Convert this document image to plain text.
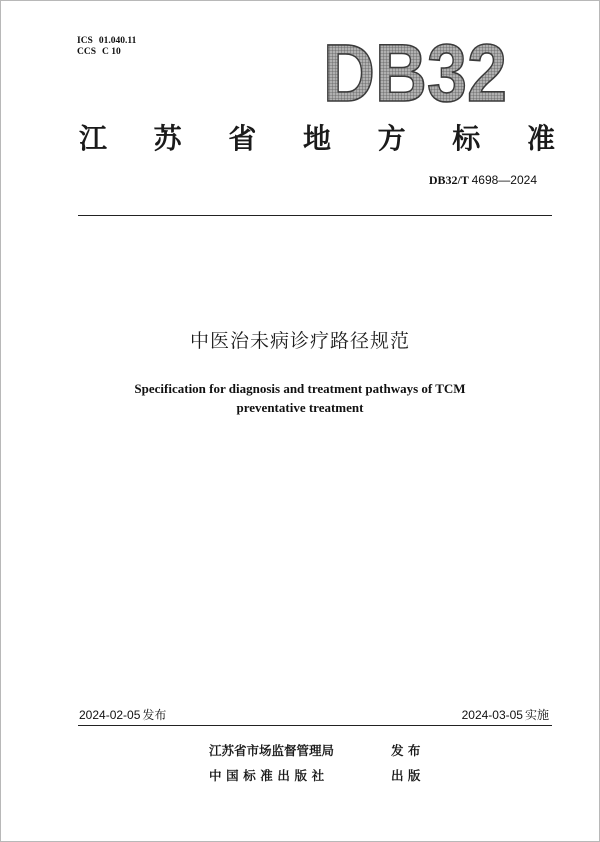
ICS 01.040.11
CCS C 10 DB32
江 苏 省 地 方 标 准
DB32/T 4698—2024
中医治未病诊疗路径规范
Specification for diagnosis and treatment pathways of TCM
preventative treatment
2024-02-05 发布	2024-03-05 实施
江苏省市场监督管理局	发 布
中国标准出版社	出 版
